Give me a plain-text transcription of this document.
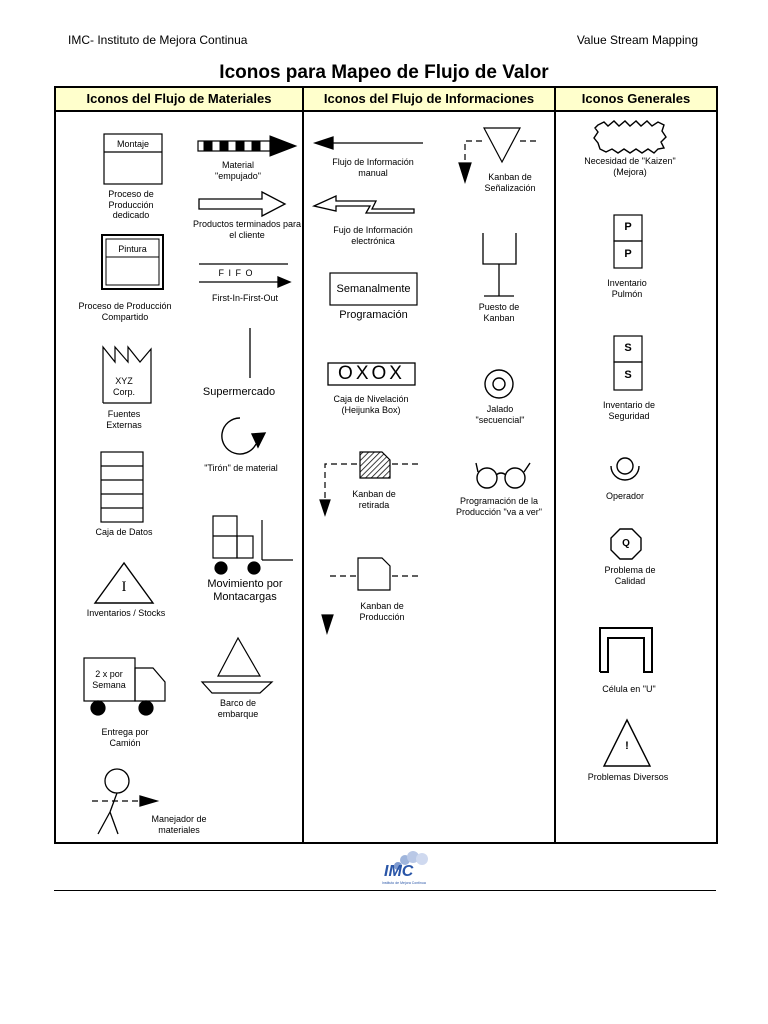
IMC- Instituto de Mejora Continua	Value Stream Mapping
Iconos para Mapeo de Flujo de Valor
Iconos del Flujo de Materiales	Iconos del Flujo de Informaciones	Iconos Generales
Montaje
Proceso de Producción dedicado
Pintura
Proceso de Producción Compartido
XYZ Corp.
Fuentes Externas
Caja de Datos
I
Inventarios / Stocks
2 x por Semana
Entrega por Camión
Manejador de materiales
Material "empujado"
Productos terminados para el cliente
F I F O
First-In-First-Out
Supermercado
"Tirón" de material
Movimiento por Montacargas
Barco de embarque
Flujo de Información manual
Fujo de Información electrónica
Semanalmente
Programación
OXOX
Caja de Nivelación (Heijunka Box)
Kanban de retirada
Kanban de Producción
Kanban de Señalización
Puesto de Kanban
Jalado "secuencial"
Programación de la Producción "va a ver"
Necesidad de "Kaizen" (Mejora)
P
P
Inventario Pulmón
S
S
Inventario de Seguridad
Operador
Q
Problema de Calidad
Célula en "U"
!
Problemas Diversos
IMC
Instituto de Mejora Continua
